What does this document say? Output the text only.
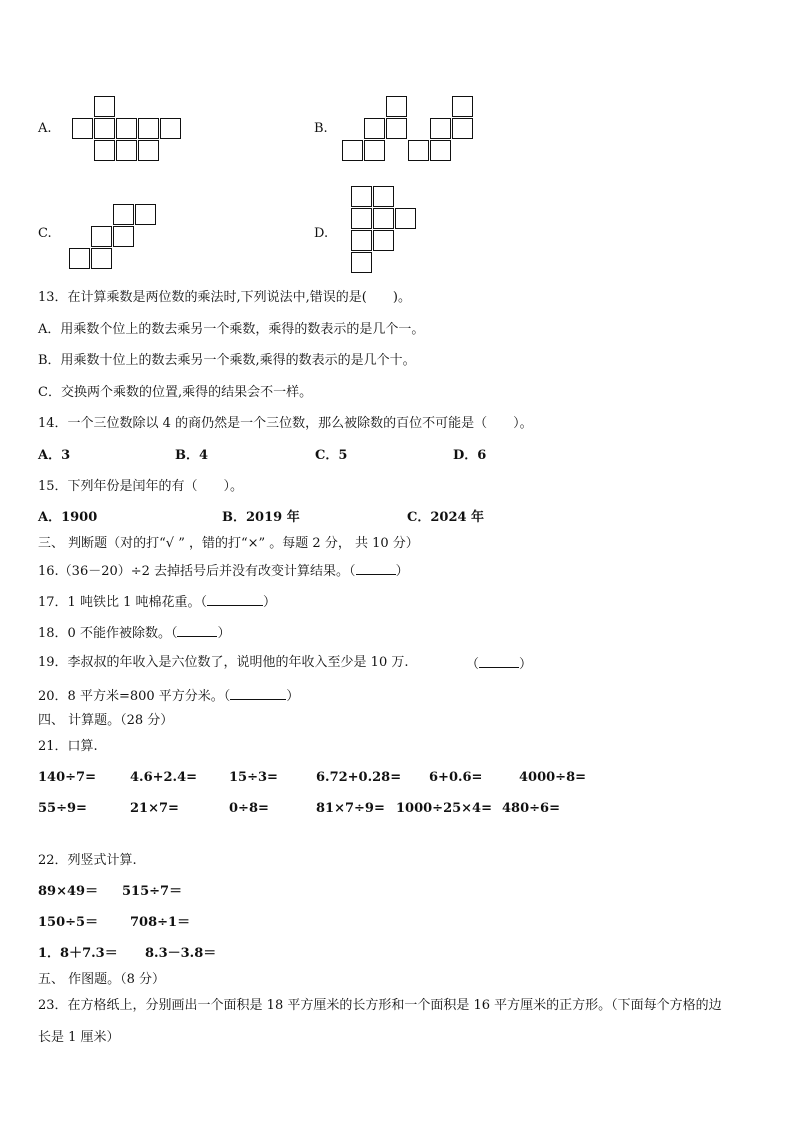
A.	B.
C.	D.
13．在计算乘数是两位数的乘法时,下列说法中,错误的是(　　)。
A．用乘数个位上的数去乘另一个乘数，乘得的数表示的是几个一。
B．用乘数十位上的数去乘另一个乘数,乘得的数表示的是几个十。
C．交换两个乘数的位置,乘得的结果会不一样。
14．一个三位数除以 4 的商仍然是一个三位数，那么被除数的百位不可能是（　　）。
A．3	B．4	C．5	D．6
15．下列年份是闰年的有（　　）。
A．1900	B．2019 年	C．2024 年
三、 判断题（对的打“√ ” ，错的打“×” 。每题 2 分， 共 10 分）
16.（36－20）÷2 去掉括号后并没有改变计算结果。（	）
17．1 吨铁比 1 吨棉花重。（	）
18．0 不能作被除数。（	）
19．李叔叔的年收入是六位数了，说明他的年收入至少是 10 万.	（	）
20．8 平方米=800 平方分米。（	）
四、 计算题。（28 分）
21．口算.
140÷7=	4.6+2.4= 15÷3=	6.72+0.28= 6+0.6=	4000÷8=
55÷9=	21×7=	0÷8=	81×7÷9= 1000÷25×4= 480÷6=
22．列竖式计算.
89×49＝ 515÷7＝
150÷5＝ 708÷1＝
1．8＋7.3＝ 8.3－3.8＝
五、 作图题。（8 分）
23．在方格纸上，分别画出一个面积是 18 平方厘米的长方形和一个面积是 16 平方厘米的正方形。（下面每个方格的边
长是 1 厘米）
